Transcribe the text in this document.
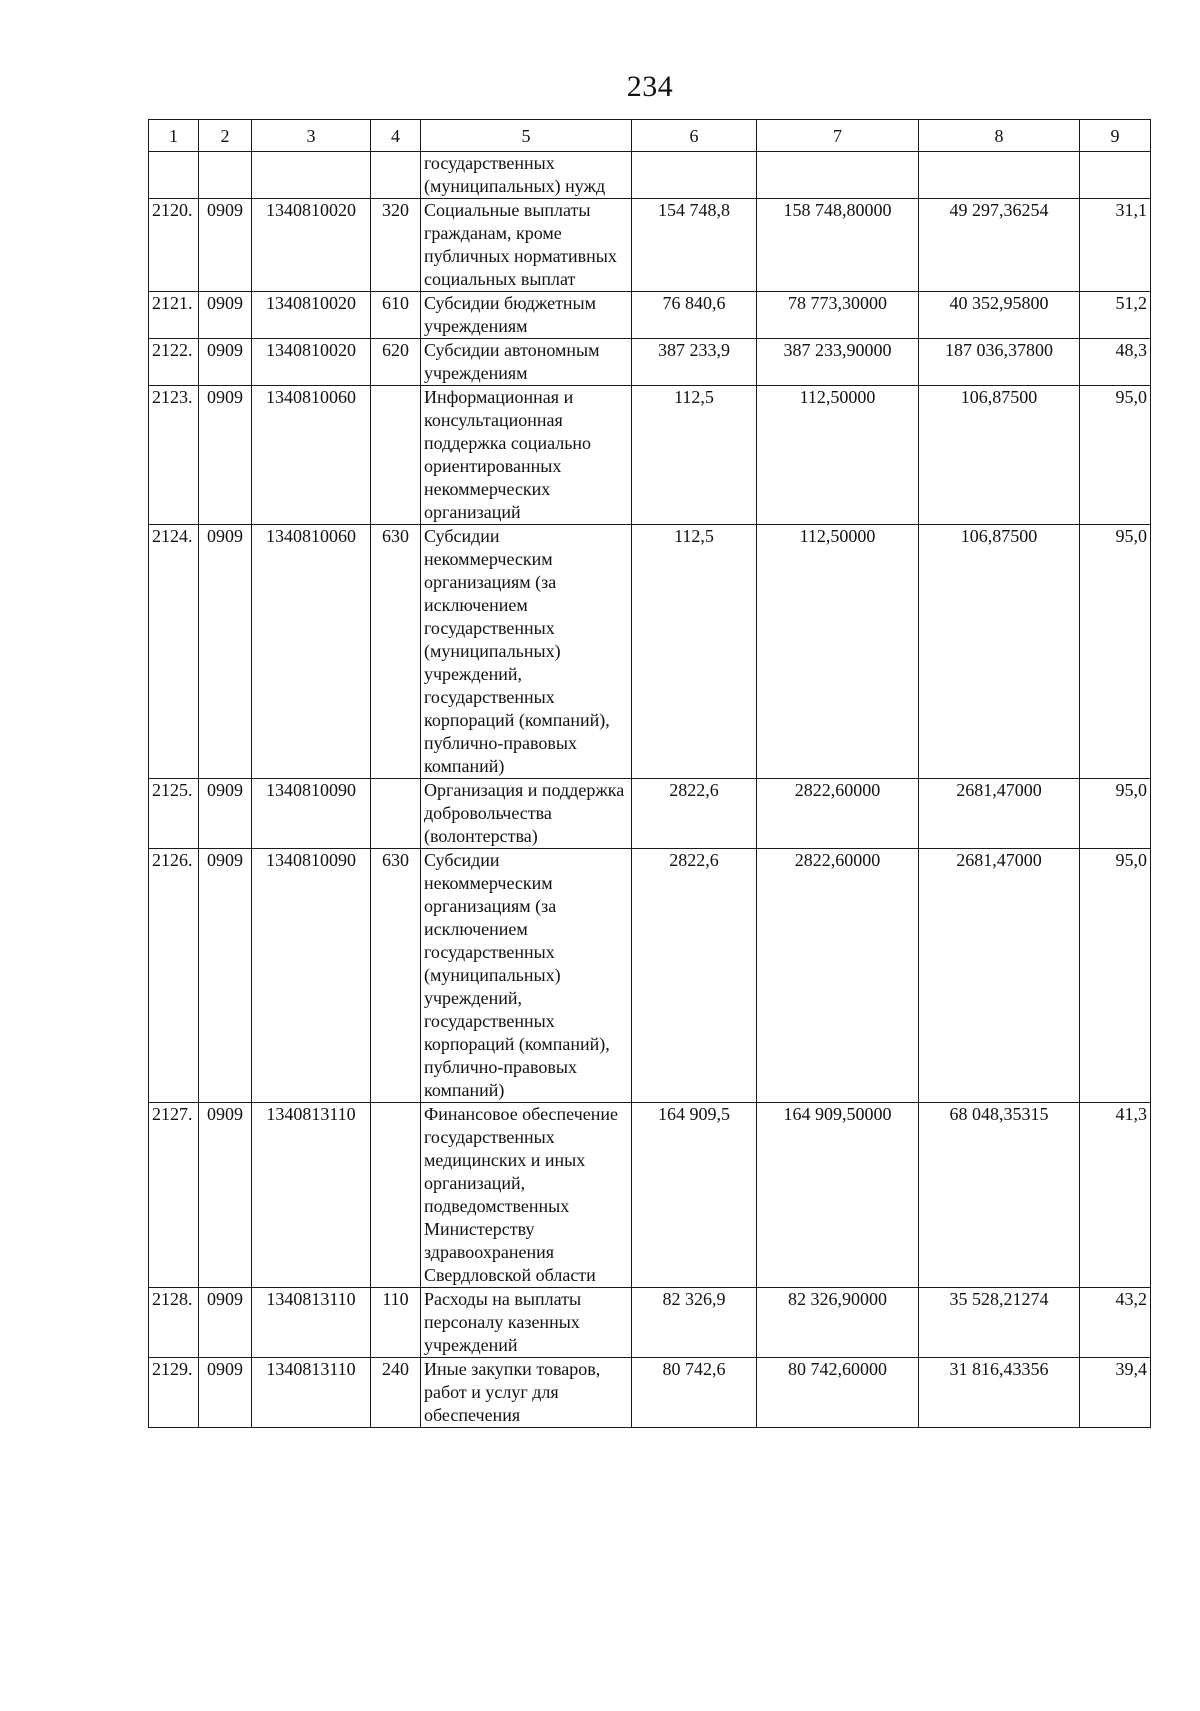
234
1	2	3	4	5	6	7	8	9
				государственных (муниципальных) нужд				
2120.	0909	1340810020	320	Социальные выплаты гражданам, кроме публичных нормативных социальных выплат	154 748,8	158 748,80000	49 297,36254	31,1
2121.	0909	1340810020	610	Субсидии бюджетным учреждениям	76 840,6	78 773,30000	40 352,95800	51,2
2122.	0909	1340810020	620	Субсидии автономным учреждениям	387 233,9	387 233,90000	187 036,37800	48,3
2123.	0909	1340810060		Информационная и консультационная поддержка социально ориентированных некоммерческих организаций	112,5	112,50000	106,87500	95,0
2124.	0909	1340810060	630	Субсидии некоммерческим организациям (за исключением государственных (муниципальных) учреждений, государственных корпораций (компаний), публично-правовых компаний)	112,5	112,50000	106,87500	95,0
2125.	0909	1340810090		Организация и поддержка добровольчества (волонтерства)	2822,6	2822,60000	2681,47000	95,0
2126.	0909	1340810090	630	Субсидии некоммерческим организациям (за исключением государственных (муниципальных) учреждений, государственных корпораций (компаний), публично-правовых компаний)	2822,6	2822,60000	2681,47000	95,0
2127.	0909	1340813110		Финансовое обеспечение государственных медицинских и иных организаций, подведомственных Министерству здравоохранения Свердловской области	164 909,5	164 909,50000	68 048,35315	41,3
2128.	0909	1340813110	110	Расходы на выплаты персоналу казенных учреждений	82 326,9	82 326,90000	35 528,21274	43,2
2129.	0909	1340813110	240	Иные закупки товаров, работ и услуг для обеспечения	80 742,6	80 742,60000	31 816,43356	39,4
